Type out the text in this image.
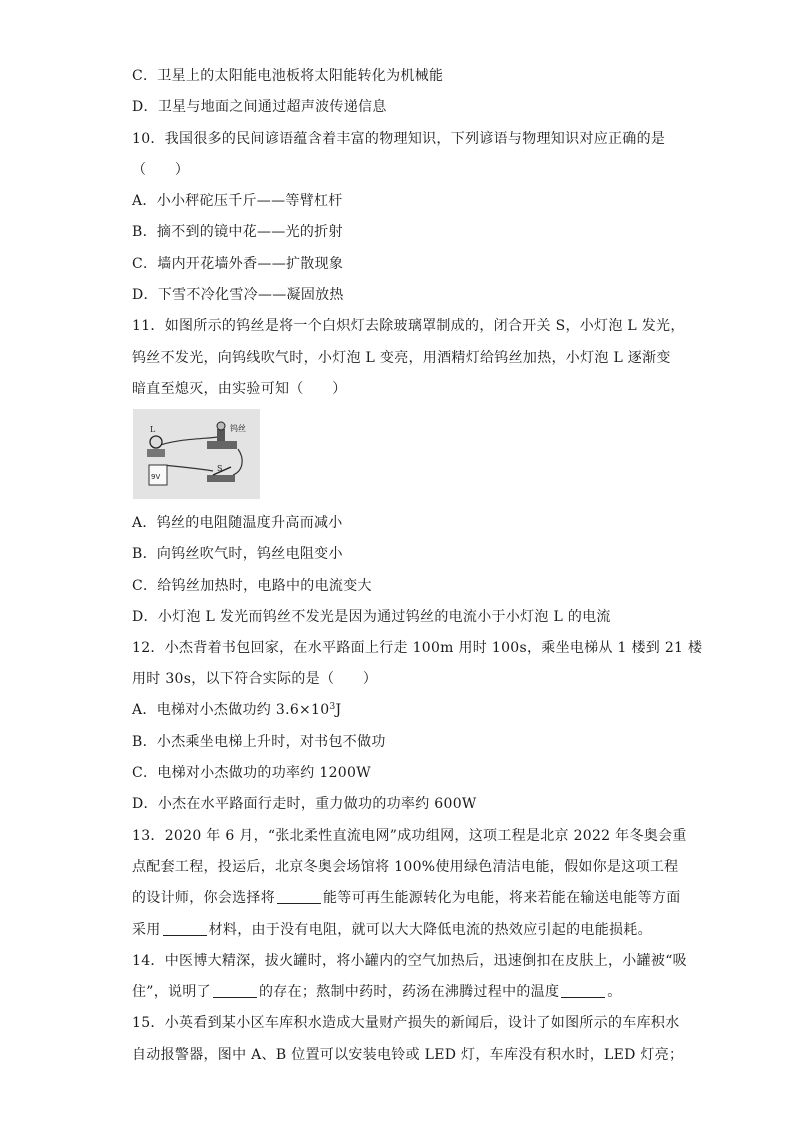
C．卫星上的太阳能电池板将太阳能转化为机械能
D．卫星与地面之间通过超声波传递信息
10．我国很多的民间谚语蕴含着丰富的物理知识，下列谚语与物理知识对应正确的是
（　　）
A．小小秤砣压千斤——等臂杠杆
B．摘不到的镜中花——光的折射
C．墙内开花墙外香——扩散现象
D．下雪不冷化雪冷——凝固放热
11．如图所示的钨丝是将一个白炽灯去除玻璃罩制成的，闭合开关 S，小灯泡 L 发光，
钨丝不发光，向钨线吹气时，小灯泡 L 变亮，用酒精灯给钨丝加热，小灯泡 L 逐渐变
暗直至熄灭，由实验可知（　　）
L	钨丝
9V
S
A．钨丝的电阻随温度升高而减小
B．向钨丝吹气时，钨丝电阻变小
C．给钨丝加热时，电路中的电流变大
D．小灯泡 L 发光而钨丝不发光是因为通过钨丝的电流小于小灯泡 L 的电流
12．小杰背着书包回家，在水平路面上行走 100m 用时 100s，乘坐电梯从 1 楼到 21 楼
用时 30s，以下符合实际的是（　　）
A．电梯对小杰做功约 $3.6\times 10^3J$
B．小杰乘坐电梯上升时，对书包不做功
C．电梯对小杰做功的功率约 1200W
D．小杰在水平路面行走时，重力做功的功率约 600W
13．2020 年 6 月，“张北柔性直流电网”成功组网，这项工程是北京 2022 年冬奥会重
点配套工程，投运后，北京冬奥会场馆将 100%使用绿色清洁电能，假如你是这项工程
的设计师，你会选择将	能等可再生能源转化为电能，将来若能在输送电能等方面
采用	材料，由于没有电阻，就可以大大降低电流的热效应引起的电能损耗。
14．中医博大精深，拔火罐时，将小罐内的空气加热后，迅速倒扣在皮肤上，小罐被“吸
住”，说明了	的存在；熬制中药时，药汤在沸腾过程中的温度	。
15．小英看到某小区车库积水造成大量财产损失的新闻后，设计了如图所示的车库积水
自动报警器，图中 A、B 位置可以安装电铃或 LED 灯，车库没有积水时，LED 灯亮；
